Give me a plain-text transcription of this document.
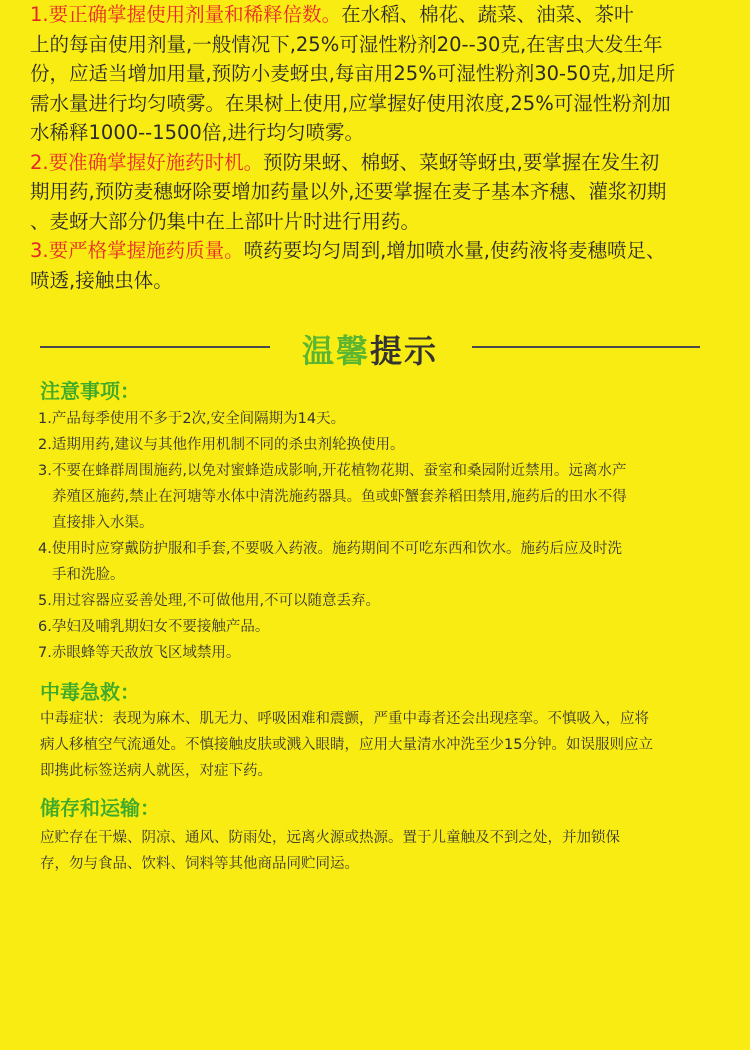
1.要正确掌握使用剂量和稀释倍数。在水稻、棉花、蔬菜、油菜、茶叶
上的每亩使用剂量,一般情况下,25%可湿性粉剂20--30克,在害虫大发生年
份，应适当增加用量,预防小麦蚜虫,每亩用25%可湿性粉剂30-50克,加足所
需水量进行均匀喷雾。在果树上使用,应掌握好使用浓度,25%可湿性粉剂加
水稀释1000--1500倍,进行均匀喷雾。

2.要准确掌握好施药时机。预防果蚜、棉蚜、菜蚜等蚜虫,要掌握在发生初
期用药,预防麦穗蚜除要增加药量以外,还要掌握在麦子基本齐穗、灌浆初期
、麦蚜大部分仍集中在上部叶片时进行用药。

3.要严格掌握施药质量。喷药要均匀周到,增加喷水量,使药液将麦穗喷足、
喷透,接触虫体。

温馨提示
注意事项：
1.产品每季使用不多于2次,安全间隔期为14天。
2.适期用药,建议与其他作用机制不同的杀虫剂轮换使用。
3.不要在蜂群周围施药,以免对蜜蜂造成影响,开花植物花期、蚕室和桑园附近禁用。远离水产
养殖区施药,禁止在河塘等水体中清洗施药器具。鱼或虾蟹套养稻田禁用,施药后的田水不得
直接排入水渠。
4.使用时应穿戴防护服和手套,不要吸入药液。施药期间不可吃东西和饮水。施药后应及时洗
手和洗脸。
5.用过容器应妥善处理,不可做他用,不可以随意丢弃。
6.孕妇及哺乳期妇女不要接触产品。
7.赤眼蜂等天敌放飞区域禁用。
中毒急救：
中毒症状：表现为麻木、肌无力、呼吸困难和震颤，严重中毒者还会出现痉挛。不慎吸入，应将
病人移植空气流通处。不慎接触皮肤或溅入眼睛，应用大量清水冲洗至少15分钟。如误服则应立
即携此标签送病人就医，对症下药。
储存和运输：
应贮存在干燥、阴凉、通风、防雨处，远离火源或热源。置于儿童触及不到之处，并加锁保
存，勿与食品、饮料、饲料等其他商品同贮同运。
